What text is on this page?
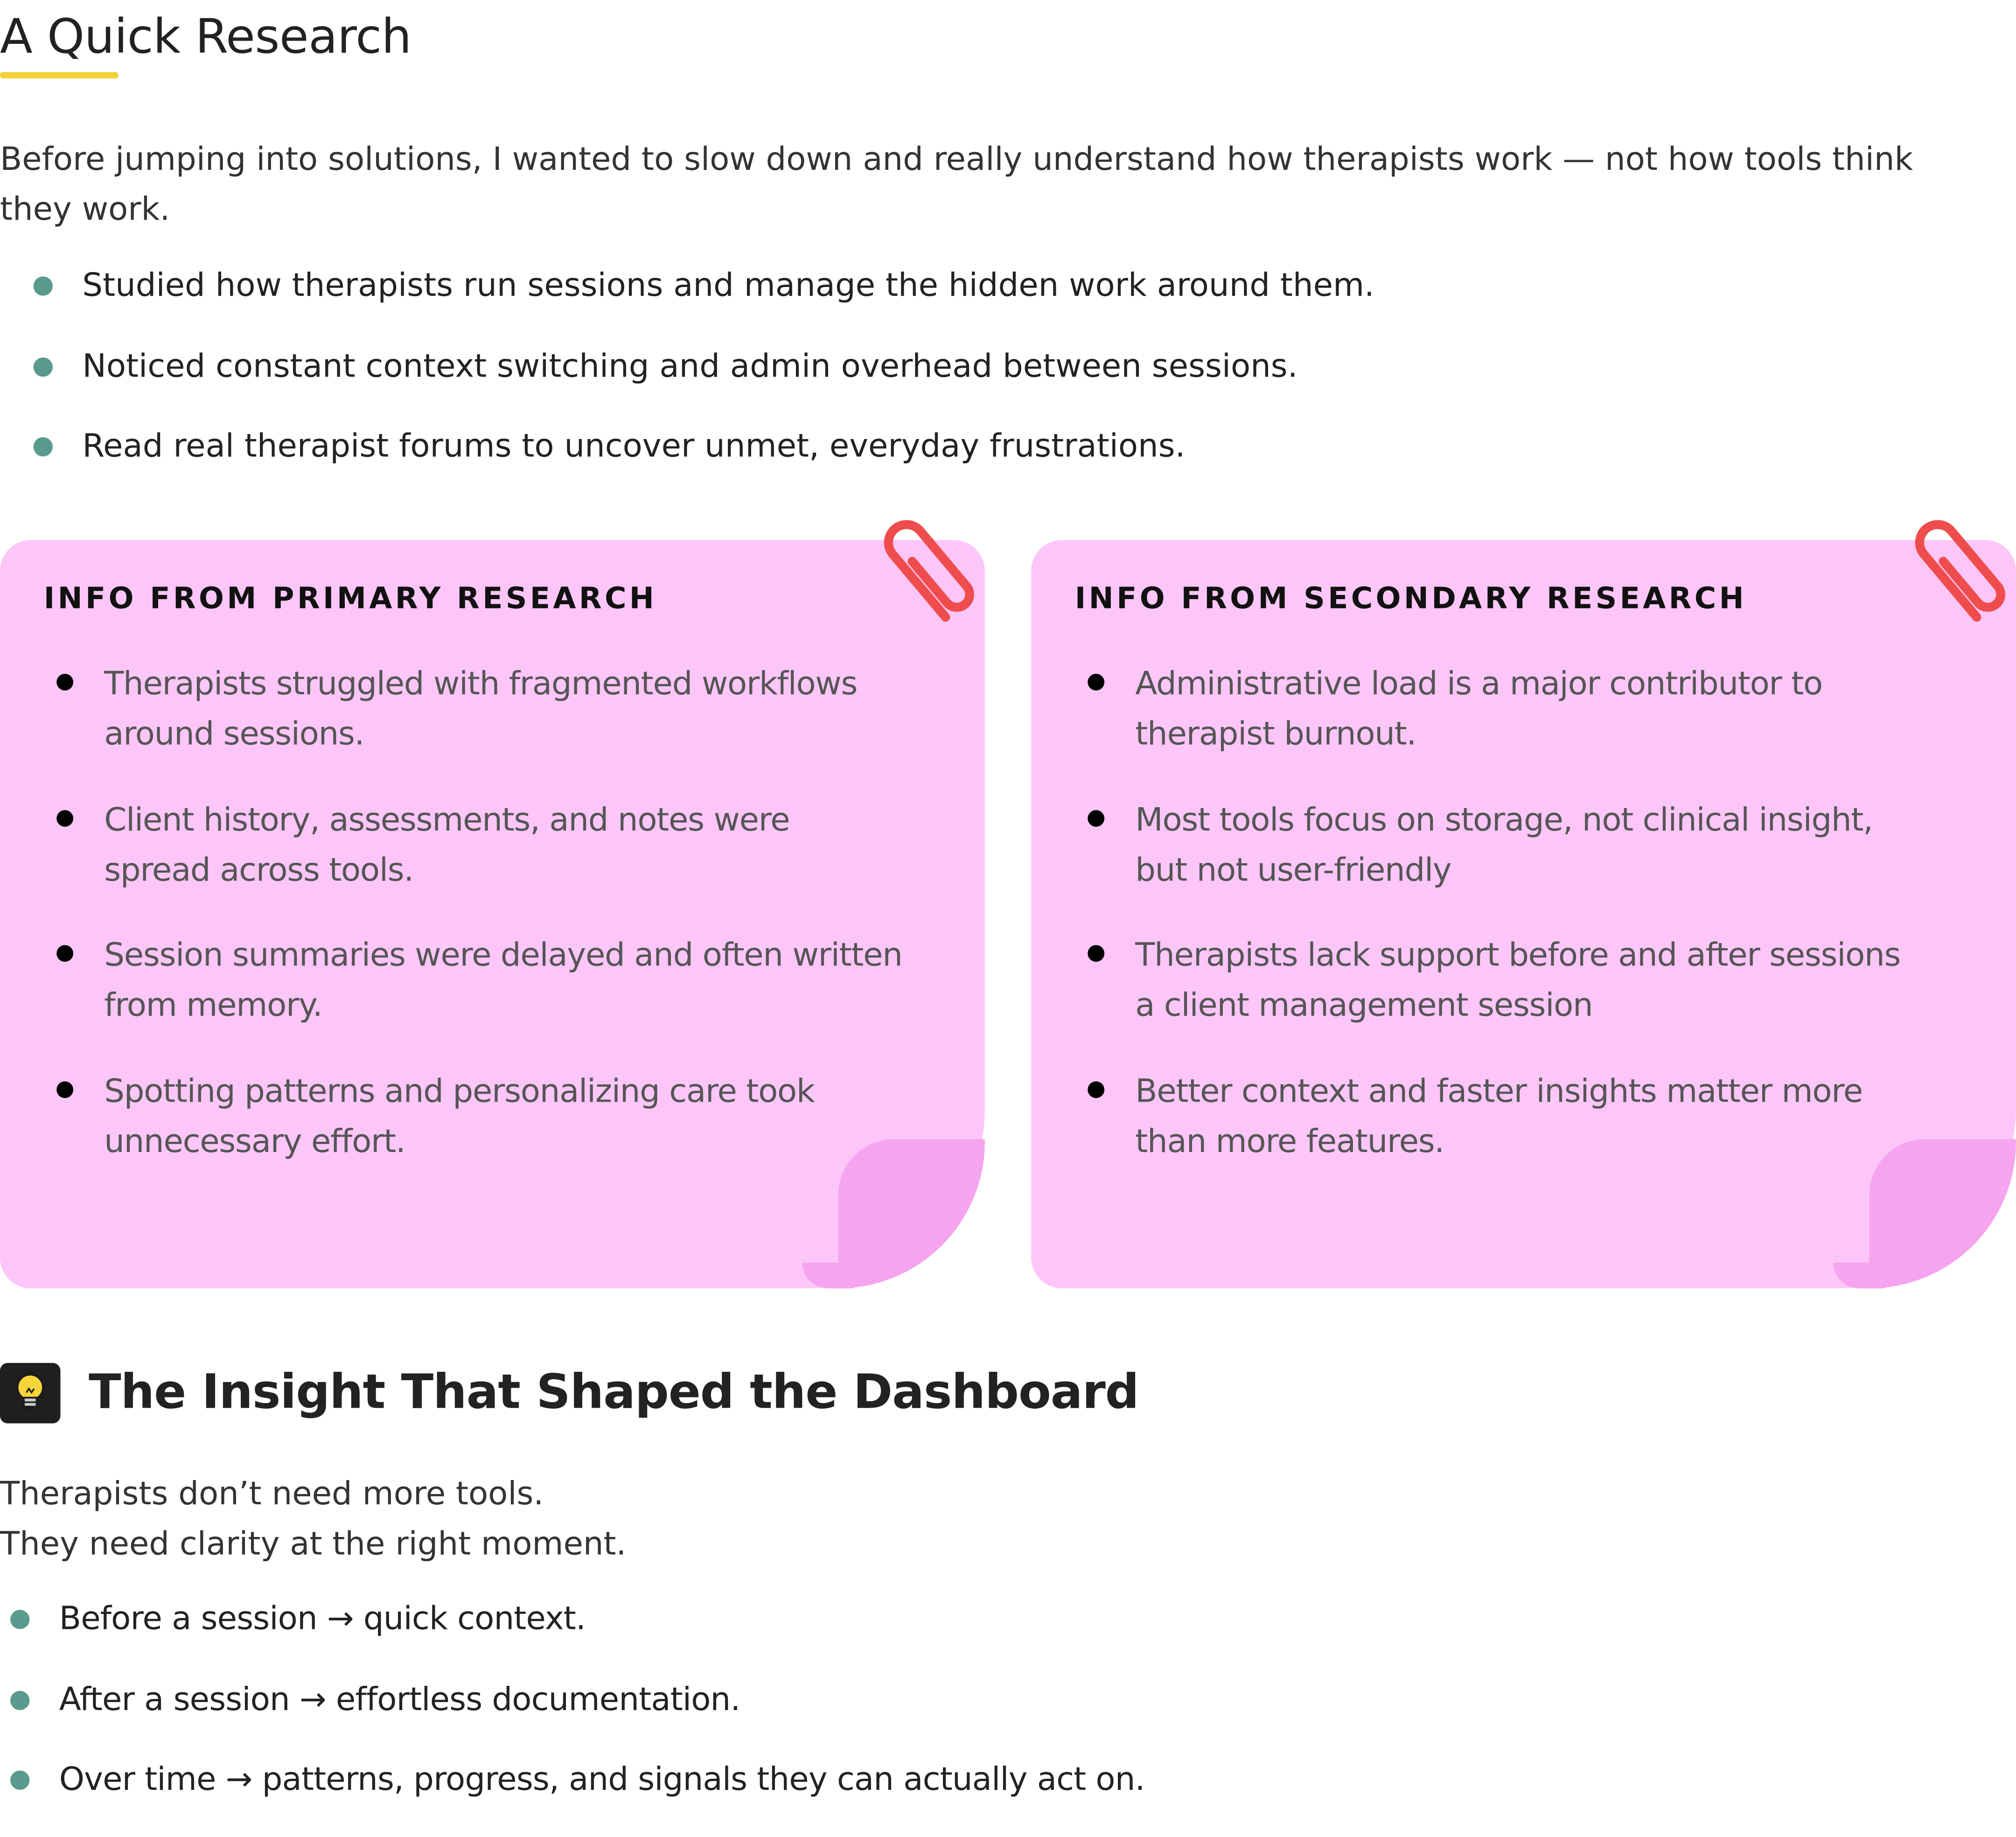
A Quick Research

Before jumping into solutions, I wanted to slow down and really understand how therapists work — not how tools think they work.

Studied how therapists run sessions and manage the hidden work around them.
Noticed constant context switching and admin overhead between sessions.
Read real therapist forums to uncover unmet, everyday frustrations.
INFO FROM PRIMARY RESEARCH
Therapists struggled with fragmented workflows
around sessions.
Client history, assessments, and notes were
spread across tools.
Session summaries were delayed and often written
from memory.
Spotting patterns and personalizing care took
unnecessary effort.
INFO FROM SECONDARY RESEARCH
Administrative load is a major contributor to
therapist burnout.
Most tools focus on storage, not clinical insight,
but not user-friendly
Therapists lack support before and after sessions
a client management session
Better context and faster insights matter more
than more features.
The Insight That Shaped the Dashboard

Therapists don’t need more tools.
They need clarity at the right moment.

Before a session → quick context.
After a session → effortless documentation.
Over time → patterns, progress, and signals they can actually act on.
